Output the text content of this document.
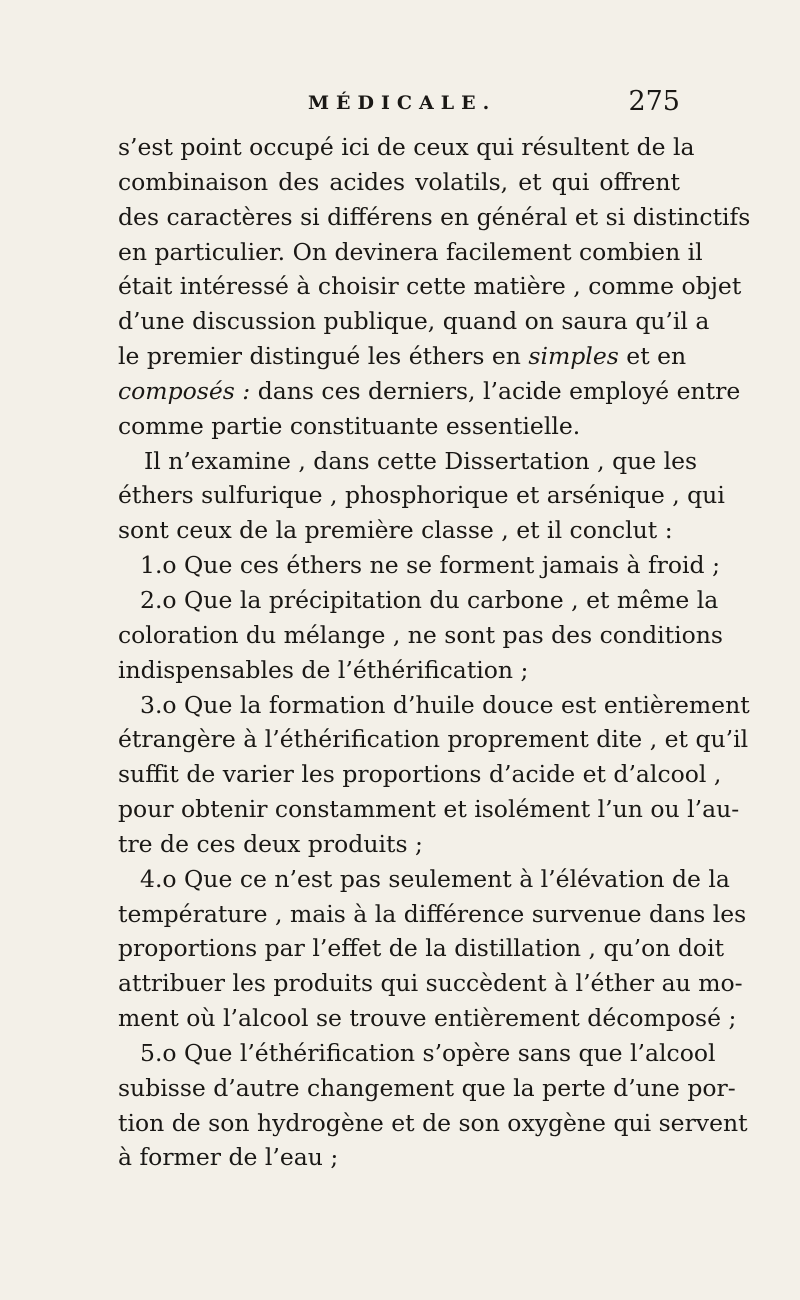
MÉDICALE.	275
s’est point occupé ici de ceux qui résultent de la
combinaison des acides volatils, et qui offrent
des caractères si différens en général et si distinctifs
en particulier. On devinera facilement combien il
était intéressé à choisir cette matière , comme objet
d’une discussion publique, quand on saura qu’il a
le premier distingué les éthers en simples et en
composés : dans ces derniers, l’acide employé entre
comme partie constituante essentielle.
Il n’examine , dans cette Dissertation , que les
éthers sulfurique , phosphorique et arsénique , qui
sont ceux de la première classe , et il conclut :
1.o Que ces éthers ne se forment jamais à froid ;
2.o Que la précipitation du carbone , et même la
coloration du mélange , ne sont pas des conditions
indispensables de l’éthérification ;
3.o Que la formation d’huile douce est entièrement
étrangère à l’éthérification proprement dite , et qu’il
suffit de varier les proportions d’acide et d’alcool ,
pour obtenir constamment et isolément l’un ou l’au-
tre de ces deux produits ;
4.o Que ce n’est pas seulement à l’élévation de la
température , mais à la différence survenue dans les
proportions par l’effet de la distillation , qu’on doit
attribuer les produits qui succèdent à l’éther au mo-
ment où l’alcool se trouve entièrement décomposé ;
5.o Que l’éthérification s’opère sans que l’alcool
subisse d’autre changement que la perte d’une por-
tion de son hydrogène et de son oxygène qui servent
à former de l’eau ;
